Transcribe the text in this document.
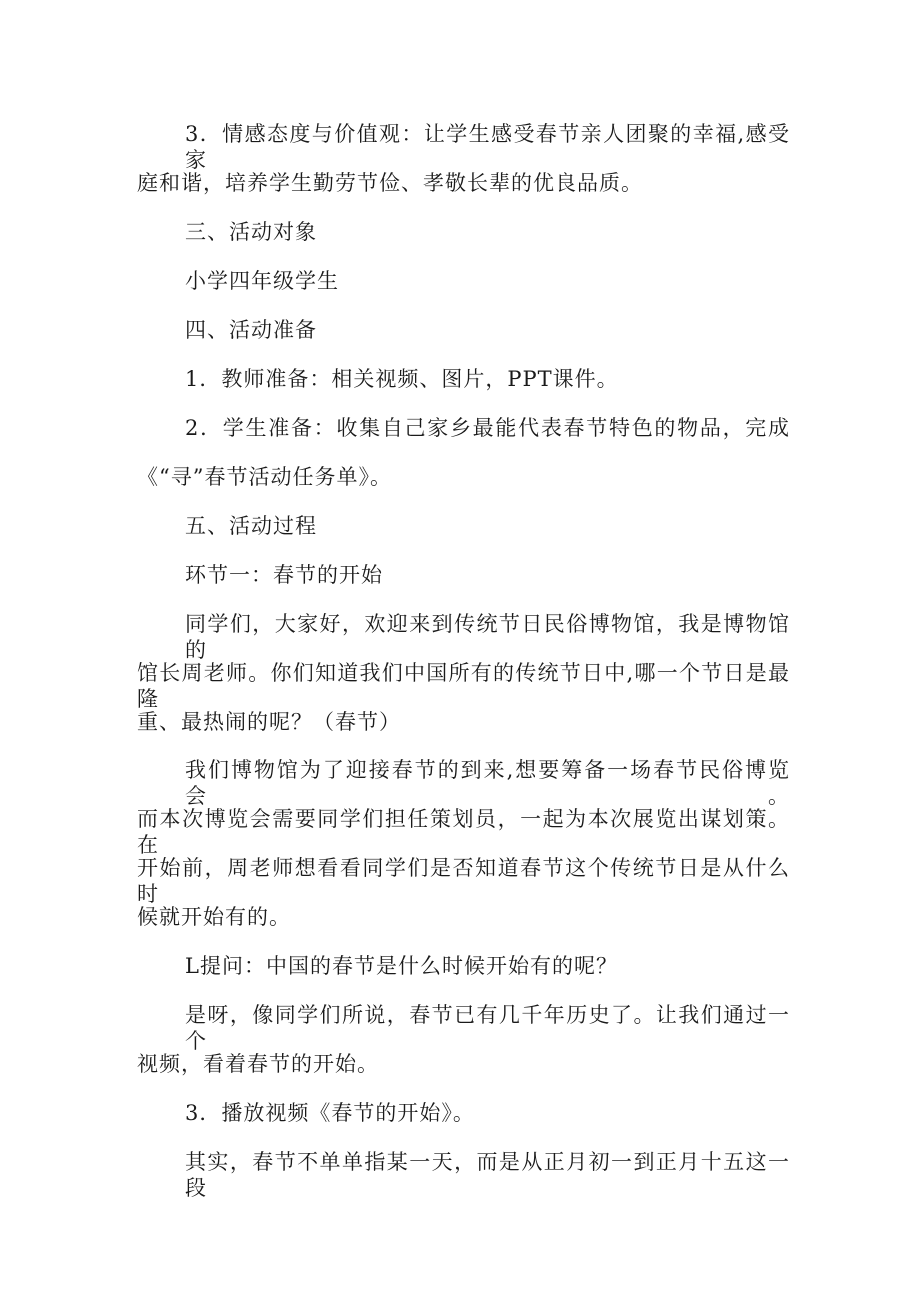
3．情感态度与价值观：让学生感受春节亲人团聚的幸福,感受家
庭和谐，培养学生勤劳节俭、孝敬长辈的优良品质。
三、活动对象
小学四年级学生
四、活动准备
1．教师准备：相关视频、图片，PPT课件。
2．学生准备：收集自己家乡最能代表春节特色的物品，完成
《“寻”春节活动任务单》。
五、活动过程
环节一：春节的开始
同学们，大家好，欢迎来到传统节日民俗博物馆，我是博物馆的
馆长周老师。你们知道我们中国所有的传统节日中,哪一个节日是最隆
重、最热闹的呢？（春节）
我们博物馆为了迎接春节的到来,想要筹备一场春节民俗博览会。
而本次博览会需要同学们担任策划员，一起为本次展览出谋划策。在
开始前，周老师想看看同学们是否知道春节这个传统节日是从什么时
候就开始有的。
L提问：中国的春节是什么时候开始有的呢？
是呀，像同学们所说，春节已有几千年历史了。让我们通过一个
视频，看着春节的开始。
3．播放视频《春节的开始》。
其实，春节不单单指某一天，而是从正月初一到正月十五这一段
